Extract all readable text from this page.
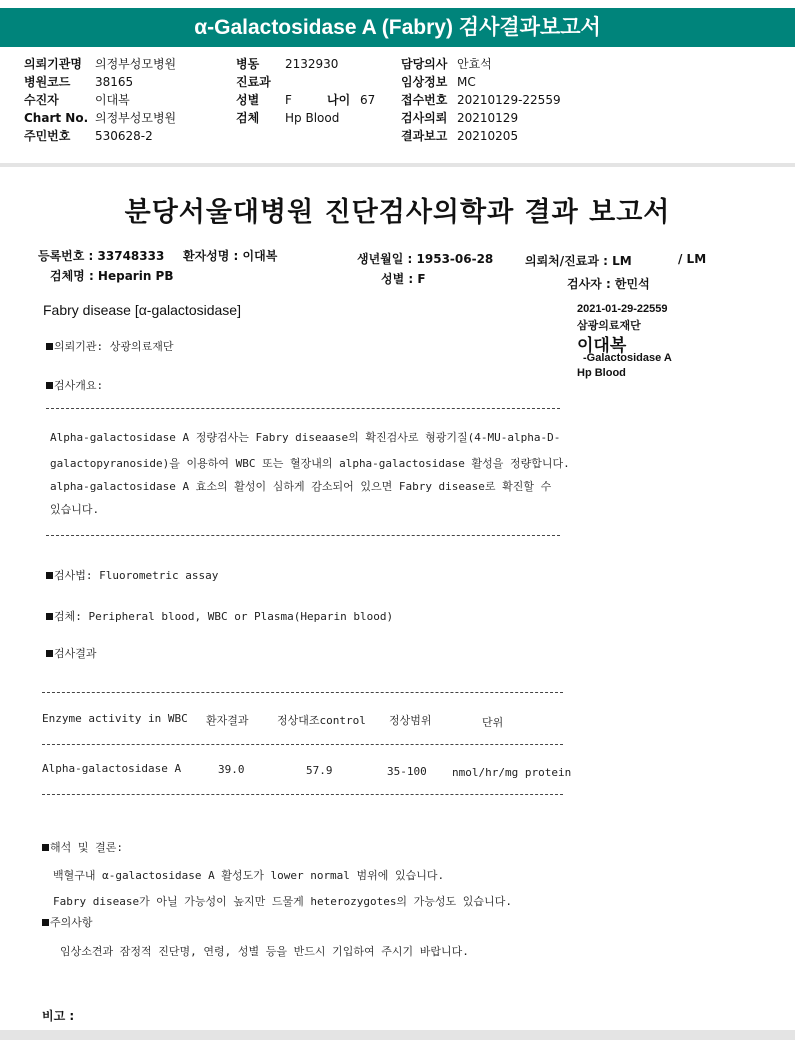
α-Galactosidase A (Fabry) 검사결과보고서
의뢰기관명 의정부성모병원
병원코드 38165
수진자	이대복
Chart No. 의정부성모병원
주민번호 530628-2
병동 2132930
진료과
성별 F	나이 67
검체 Hp Blood
담당의사 안효석
임상정보 MC
접수번호 20210129-22559
검사의뢰 20210129
결과보고 20210205
분당서울대병원 진단검사의학과 결과 보고서
등록번호 : 33748333 환자성명 : 이대복	생년월일 : 1953-06-28	의뢰처/진료과 : LM	/ LM
검체명 : Heparin PB	성별 : F	검사자 : 한민석
2021-01-29-22559
삼광의료재단
이대복
-Galactosidase A
Hp Blood
Fabry disease [α-galactosidase]
의뢰기관: 상광의료재단
검사개요:
Alpha-galactosidase A 정량검사는 Fabry diseaase의 확진검사로 형광기질(4-MU-alpha-D-
galactopyranoside)을 이용하여 WBC 또는 혈장내의 alpha-galactosidase 활성을 정량합니다.
alpha-galactosidase A 효소의 활성이 심하게 감소되어 있으면 Fabry disease로 확진할 수
있습니다.
검사법: Fluorometric assay
검체: Peripheral blood, WBC or Plasma(Heparin blood)
검사결과
Enzyme activity in WBC 환자결과	정상대조control 정상범위	단위
Alpha-galactosidase A	39.0	57.9	35-100 nmol/hr/mg protein
해석 및 결론:
백혈구내 α-galactosidase A 활성도가 lower normal 범위에 있습니다.
Fabry disease가 아닐 가능성이 높지만 드물게 heterozygotes의 가능성도 있습니다.
주의사항
임상소견과 잠정적 진단명, 연령, 성별 등을 반드시 기입하여 주시기 바랍니다.
비고 :
